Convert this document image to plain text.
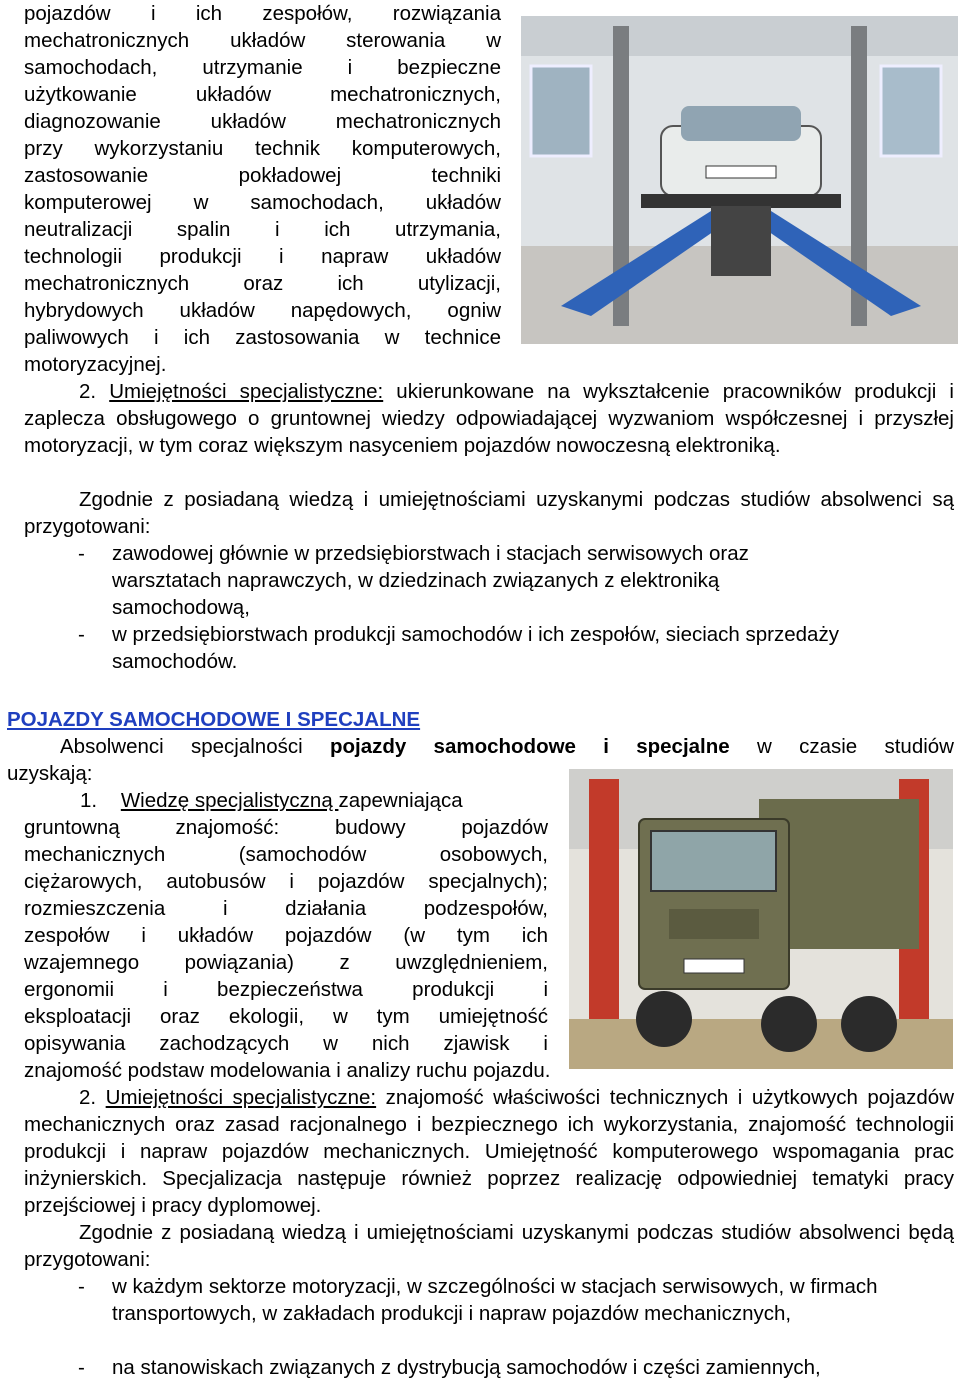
pojazdów i ich zespołów, rozwiązania
mechatronicznych układów sterowania w
samochodach, utrzymanie i bezpieczne
użytkowanie układów mechatronicznych,
diagnozowanie układów mechatronicznych
przy wykorzystaniu technik komputerowych,
zastosowanie pokładowej techniki
komputerowej w samochodach, układów
neutralizacji spalin i ich utrzymania,
technologii produkcji i napraw układów
mechatronicznych oraz ich utylizacji,
hybrydowych układów napędowych, ogniw
paliwowych i ich zastosowania w technice
motoryzacyjnej.

2. Umiejętności specjalistyczne: ukierunkowane na wykształcenie pracowników produkcji i zaplecza obsługowego o gruntownej wiedzy odpowiadającej wyzwaniom współczesnej i przyszłej motoryzacji, w tym coraz większym nasyceniem pojazdów nowoczesną elektroniką.

Zgodnie z posiadaną wiedzą i umiejętnościami uzyskanymi podczas studiów absolwenci są przygotowani:

- zawodowej głównie w przedsiębiorstwach i stacjach serwisowych oraz warsztatach naprawczych, w dziedzinach związanych z elektroniką samochodową,

- w przedsiębiorstwach produkcji samochodów i ich zespołów, sieciach sprzedaży samochodów.

POJAZDY SAMOCHODOWE I SPECJALNE
Absolwenci specjalności pojazdy samochodowe i specjalne w czasie studiów
uzyskają:
1. Wiedzę specjalistyczną zapewniająca
gruntowną znajomość: budowy pojazdów
mechanicznych (samochodów osobowych,
ciężarowych, autobusów i pojazdów specjalnych);
rozmieszczenia i działania podzespołów,
zespołów i układów pojazdów (w tym ich
wzajemnego powiązania) z uwzględnieniem,
ergonomii i bezpieczeństwa produkcji i
eksploatacji oraz ekologii, w tym umiejętność
opisywania zachodzących w nich zjawisk i
znajomość podstaw modelowania i analizy ruchu pojazdu.

2. Umiejętności specjalistyczne: znajomość właściwości technicznych i użytkowych pojazdów mechanicznych oraz zasad racjonalnego i bezpiecznego ich wykorzystania, znajomość technologii produkcji i napraw pojazdów mechanicznych. Umiejętność komputerowego wspomagania prac inżynierskich. Specjalizacja następuje również poprzez realizację odpowiedniej tematyki pracy przejściowej i pracy dyplomowej.

Zgodnie z posiadaną wiedzą i umiejętnościami uzyskanymi podczas studiów absolwenci będą przygotowani:

- w każdym sektorze motoryzacji, w szczególności w stacjach serwisowych, w firmach transportowych, w zakładach produkcji i napraw pojazdów mechanicznych,

- na stanowiskach związanych z dystrybucją samochodów i części zamiennych,
